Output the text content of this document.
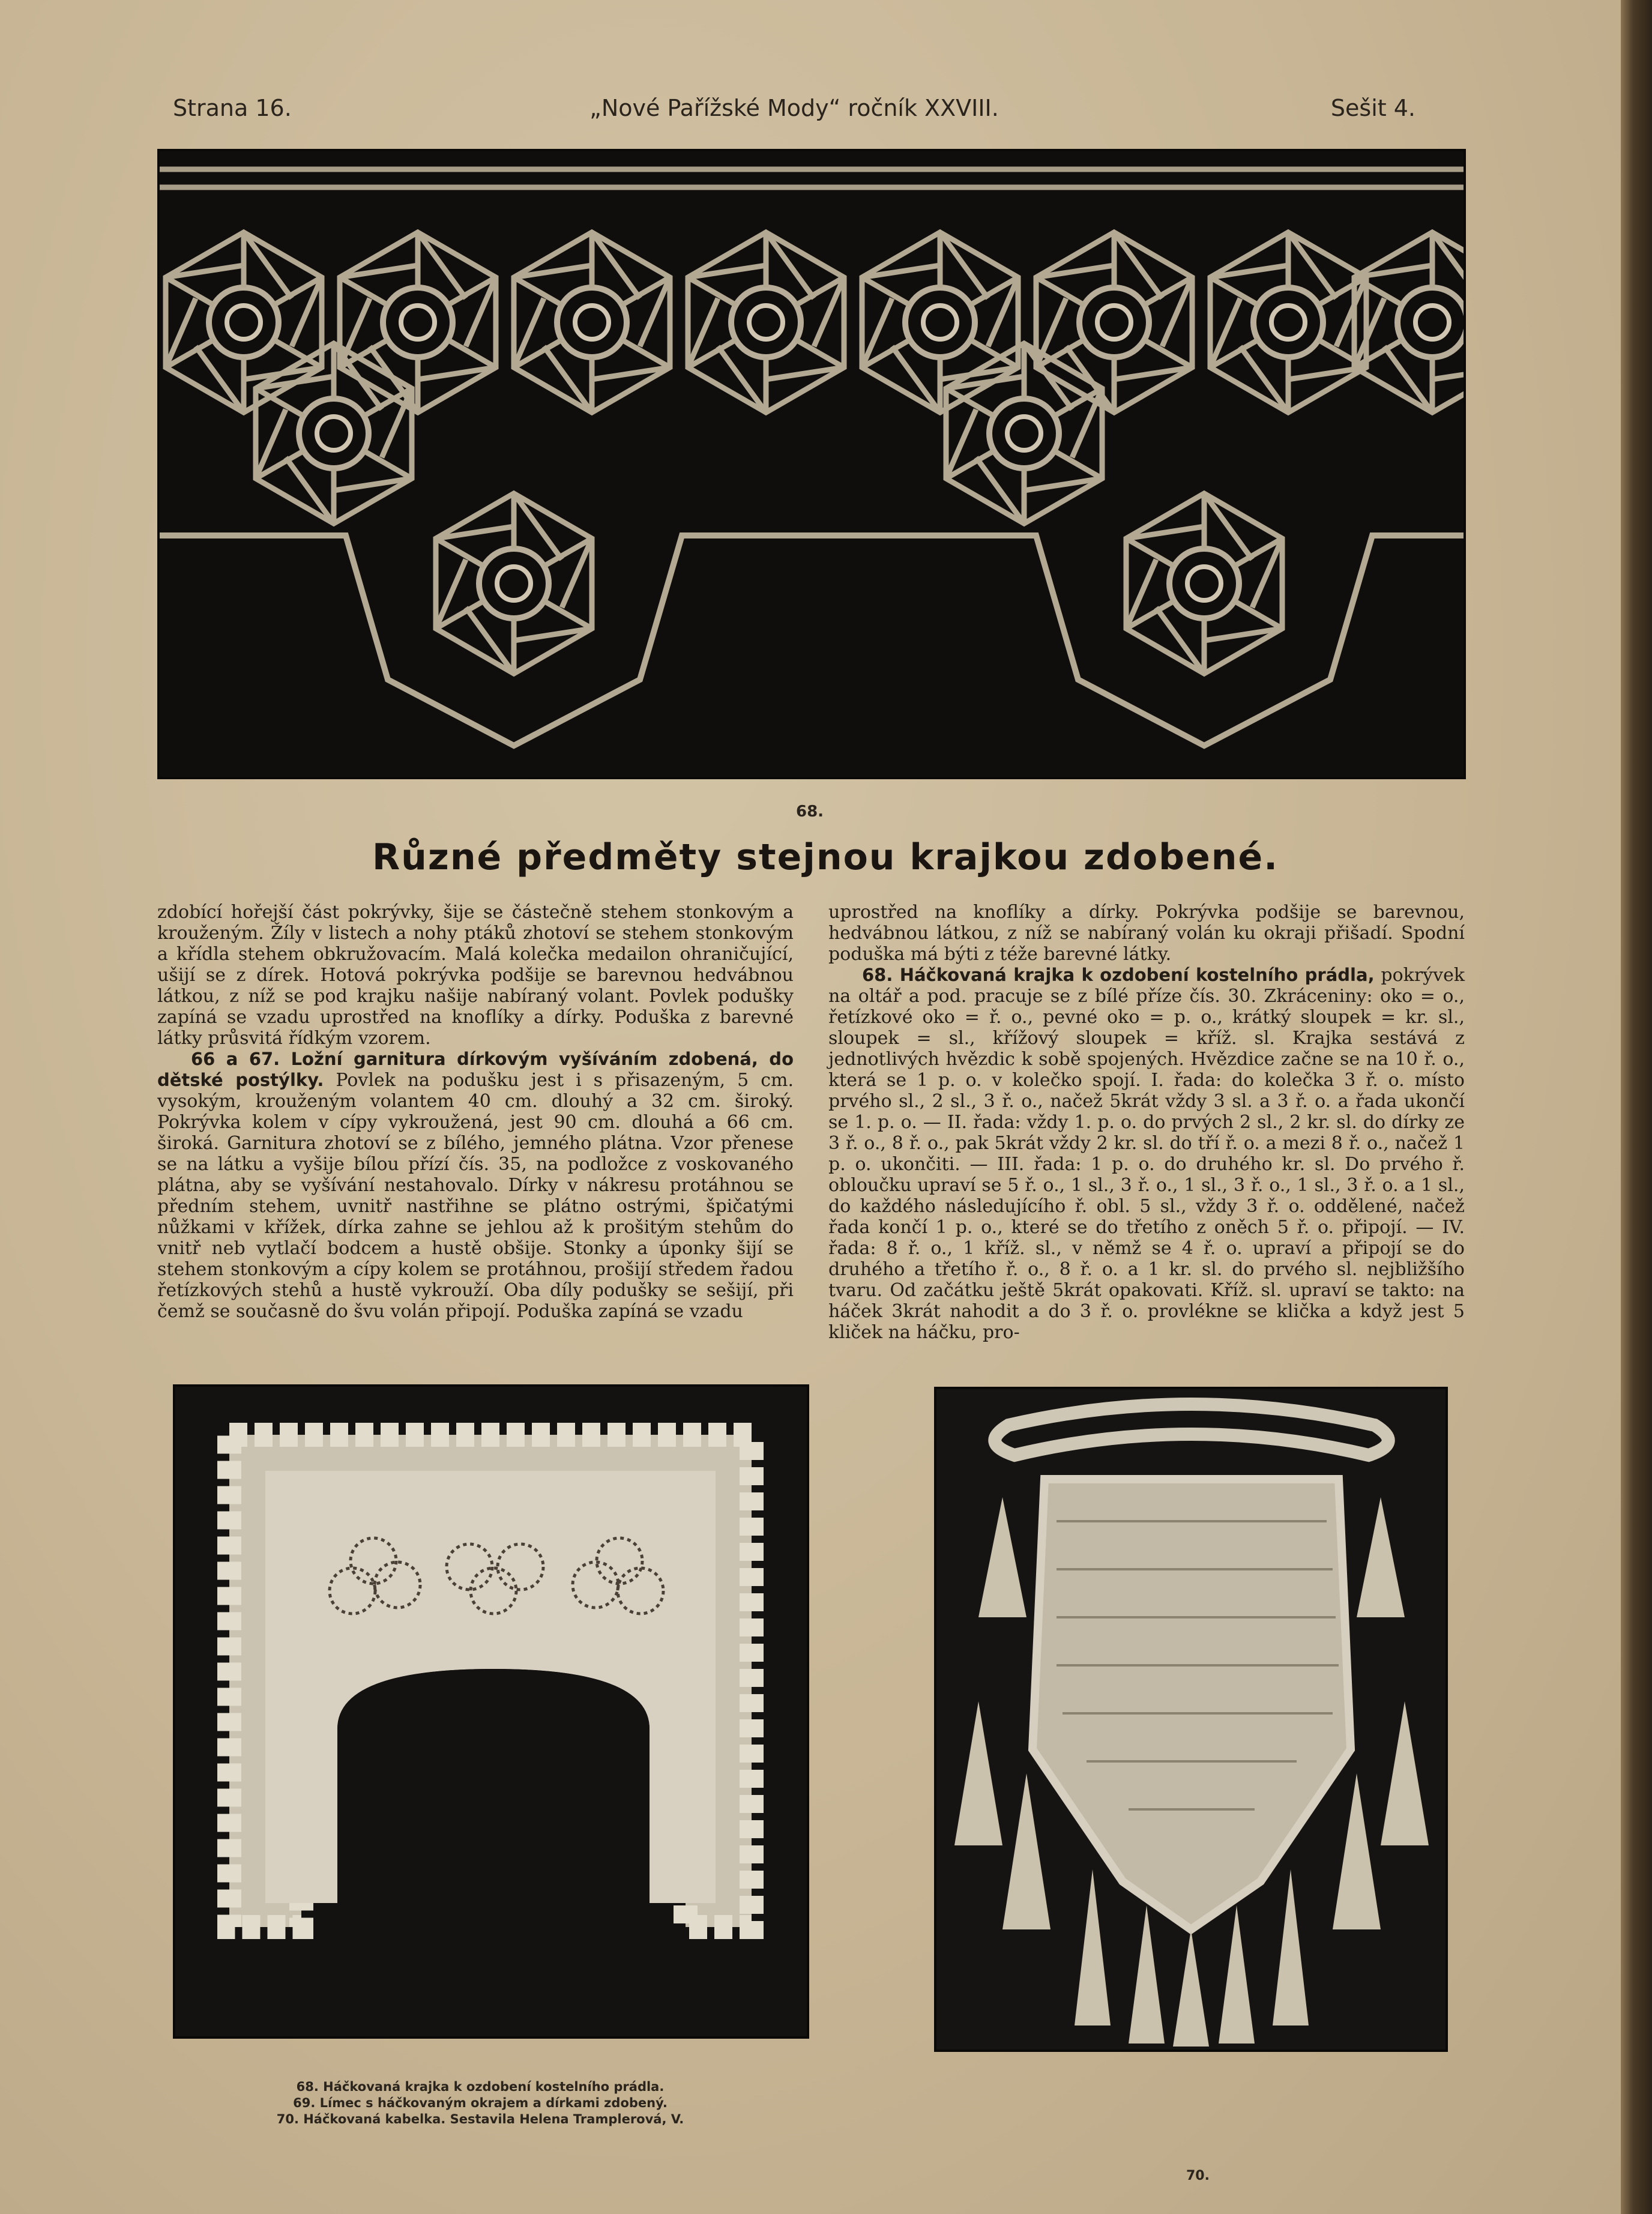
Strana 16.	„Nové Pařížské Mody“ ročník XXVIII.	Sešit 4.
68.
Různé předměty stejnou krajkou zdobené.

zdobící hořejší část pokrývky, šije se částečně stehem stonkovým a krouženým. Žíly v listech a nohy ptáků zhotoví se stehem stonkovým a křídla stehem obkružovacím. Malá kolečka medailon ohraničující, ušijí se z dírek. Hotová pokrývka podšije se barevnou hedvábnou látkou, z níž se pod krajku našije nabíraný volant. Povlek podušky zapíná se vzadu uprostřed na knoflíky a dírky. Poduška z barevné látky průsvitá řídkým vzorem.

66 a 67. Ložní garnitura dírkovým vyšíváním zdobená, do dětské postýlky. Povlek na podušku jest i s přisazeným, 5 cm. vysokým, krouženým volantem 40 cm. dlouhý a 32 cm. široký. Pokrývka kolem v cípy vykroužená, jest 90 cm. dlouhá a 66 cm. široká. Garnitura zhotoví se z bílého, jemného plátna. Vzor přenese se na látku a vyšije bílou přízí čís. 35, na podložce z voskovaného plátna, aby se vyšívání nestahovalo. Dírky v nákresu protáhnou se předním stehem, uvnitř nastřihne se plátno ostrými, špičatými nůžkami v křížek, dírka zahne se jehlou až k prošitým stehům do vnitř neb vytlačí bodcem a hustě obšije. Stonky a úponky šijí se stehem stonkovým a cípy kolem se protáhnou, prošijí středem řadou řetízkových stehů a hustě vykrouží. Oba díly podušky se sešijí, při čemž se současně do švu volán připojí. Poduška zapíná se vzadu

uprostřed na knoflíky a dírky. Pokrývka podšije se barevnou, hedvábnou látkou, z níž se nabíraný volán ku okraji přišadí. Spodní poduška má býti z téže barevné látky.

68. Háčkovaná krajka k ozdobení kostelního prádla, pokrývek na oltář a pod. pracuje se z bílé příze čís. 30. Zkráceniny: oko = o., řetízkové oko = ř. o., pevné oko = p. o., krátký sloupek = kr. sl., sloupek = sl., křížový sloupek = kříž. sl. Krajka sestává z jednotlivých hvězdic k sobě spojených. Hvězdice začne se na 10 ř. o., která se 1 p. o. v kolečko spojí. I. řada: do kolečka 3 ř. o. místo prvého sl., 2 sl., 3 ř. o., načež 5krát vždy 3 sl. a 3 ř. o. a řada ukončí se 1. p. o. — II. řada: vždy 1. p. o. do prvých 2 sl., 2 kr. sl. do dírky ze 3 ř. o., 8 ř. o., pak 5krát vždy 2 kr. sl. do tří ř. o. a mezi 8 ř. o., načež 1 p. o. ukončiti. — III. řada: 1 p. o. do druhého kr. sl. Do prvého ř. obloučku upraví se 5 ř. o., 1 sl., 3 ř. o., 1 sl., 3 ř. o., 1 sl., 3 ř. o. a 1 sl., do každého následujícího ř. obl. 5 sl., vždy 3 ř. o. oddělené, načež řada končí 1 p. o., které se do třetího z oněch 5 ř. o. připojí. — IV. řada: 8 ř. o., 1 kříž. sl., v němž se 4 ř. o. upraví a připojí se do druhého a třetího ř. o., 8 ř. o. a 1 kr. sl. do prvého sl. nejbližšího tvaru. Od začátku ještě 5krát opakovati. Kříž. sl. upraví se takto: na háček 3krát nahodit a do 3 ř. o. provlékne se klička a když jest 5 kliček na háčku, pro-

70.
68. Háčkovaná krajka k ozdobení kostelního prádla.
69. Límec s háčkovaným okrajem a dírkami zdobený.
70. Háčkovaná kabelka. Sestavila Helena Tramplerová, V.
